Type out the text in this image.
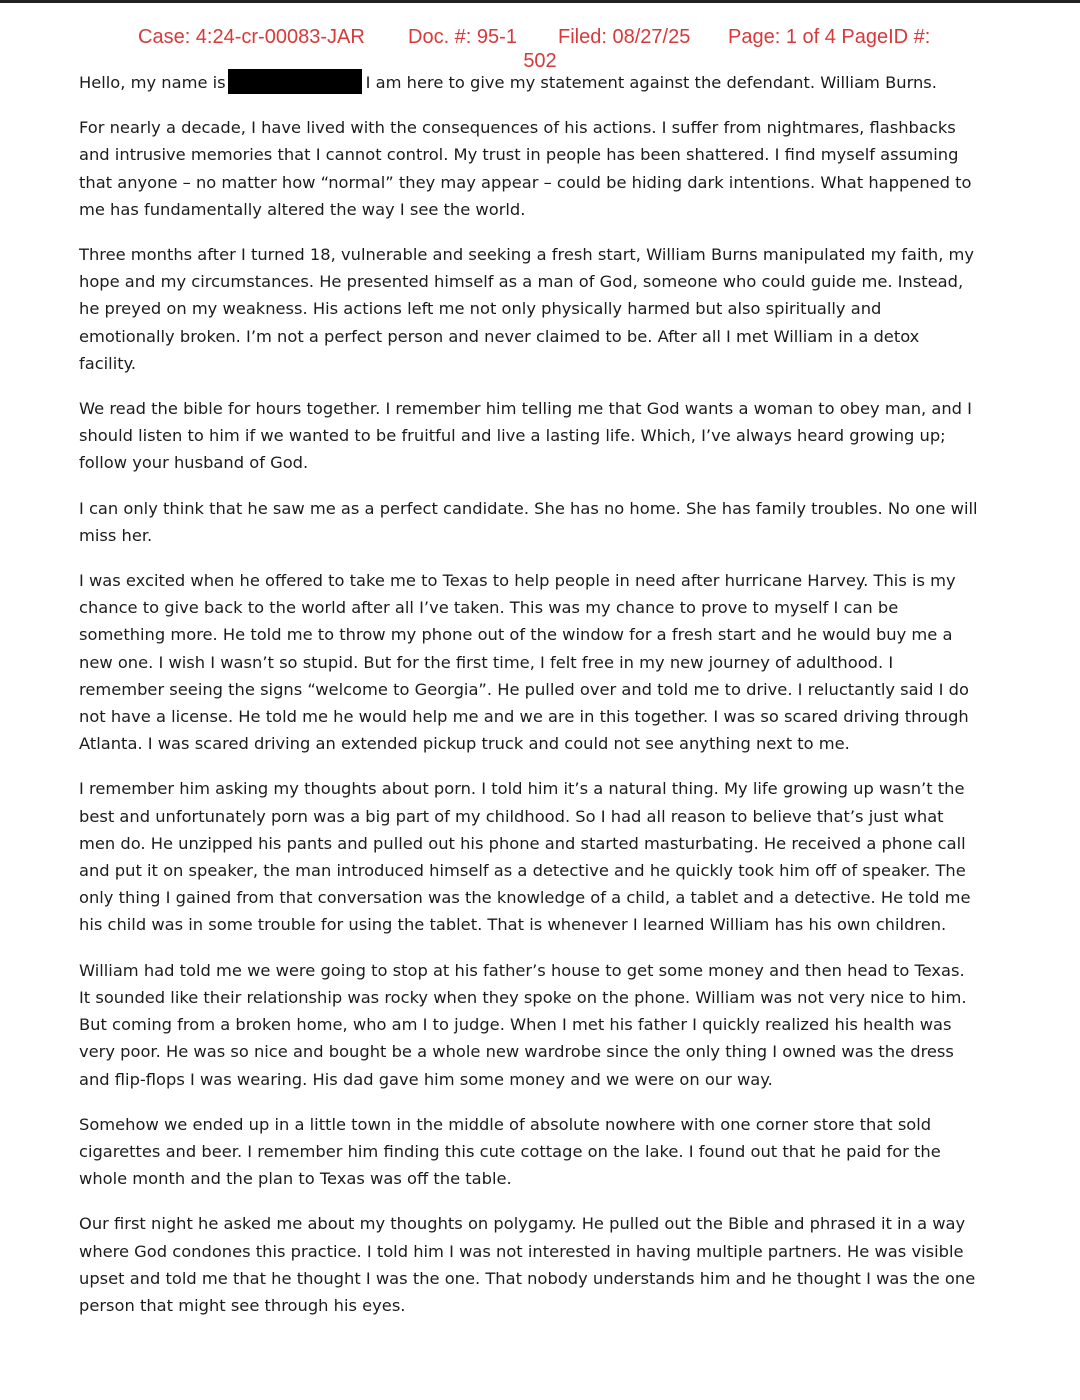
Case: 4:24-cr-00083-JAR Doc. #: 95-1 Filed: 08/27/25 Page: 1 of 4 PageID #:
502

Hello, my name is	I am here to give my statement against the defendant. William Burns.

For nearly a decade, I have lived with the consequences of his actions. I suffer from nightmares, flashbacks and intrusive memories that I cannot control. My trust in people has been shattered. I find myself assuming that anyone – no matter how “normal” they may appear – could be hiding dark intentions. What happened to me has fundamentally altered the way I see the world.

Three months after I turned 18, vulnerable and seeking a fresh start, William Burns manipulated my faith, my hope and my circumstances. He presented himself as a man of God, someone who could guide me. Instead, he preyed on my weakness. His actions left me not only physically harmed but also spiritually and emotionally broken. I’m not a perfect person and never claimed to be. After all I met William in a detox facility.

We read the bible for hours together. I remember him telling me that God wants a woman to obey man, and I should listen to him if we wanted to be fruitful and live a lasting life. Which, I’ve always heard growing up; follow your husband of God.

I can only think that he saw me as a perfect candidate. She has no home. She has family troubles. No one will miss her.

I was excited when he offered to take me to Texas to help people in need after hurricane Harvey. This is my chance to give back to the world after all I’ve taken. This was my chance to prove to myself I can be something more. He told me to throw my phone out of the window for a fresh start and he would buy me a new one. I wish I wasn’t so stupid. But for the first time, I felt free in my new journey of adulthood. I remember seeing the signs “welcome to Georgia”. He pulled over and told me to drive. I reluctantly said I do not have a license. He told me he would help me and we are in this together. I was so scared driving through Atlanta. I was scared driving an extended pickup truck and could not see anything next to me.

I remember him asking my thoughts about porn. I told him it’s a natural thing. My life growing up wasn’t the best and unfortunately porn was a big part of my childhood. So I had all reason to believe that’s just what men do. He unzipped his pants and pulled out his phone and started masturbating. He received a phone call and put it on speaker, the man introduced himself as a detective and he quickly took him off of speaker. The only thing I gained from that conversation was the knowledge of a child, a tablet and a detective. He told me his child was in some trouble for using the tablet. That is whenever I learned William has his own children.

William had told me we were going to stop at his father’s house to get some money and then head to Texas. It sounded like their relationship was rocky when they spoke on the phone. William was not very nice to him. But coming from a broken home, who am I to judge. When I met his father I quickly realized his health was very poor. He was so nice and bought be a whole new wardrobe since the only thing I owned was the dress and flip-flops I was wearing. His dad gave him some money and we were on our way.

Somehow we ended up in a little town in the middle of absolute nowhere with one corner store that sold cigarettes and beer. I remember him finding this cute cottage on the lake. I found out that he paid for the whole month and the plan to Texas was off the table.

Our first night he asked me about my thoughts on polygamy. He pulled out the Bible and phrased it in a way where God condones this practice. I told him I was not interested in having multiple partners. He was visible upset and told me that he thought I was the one. That nobody understands him and he thought I was the one person that might see through his eyes.
